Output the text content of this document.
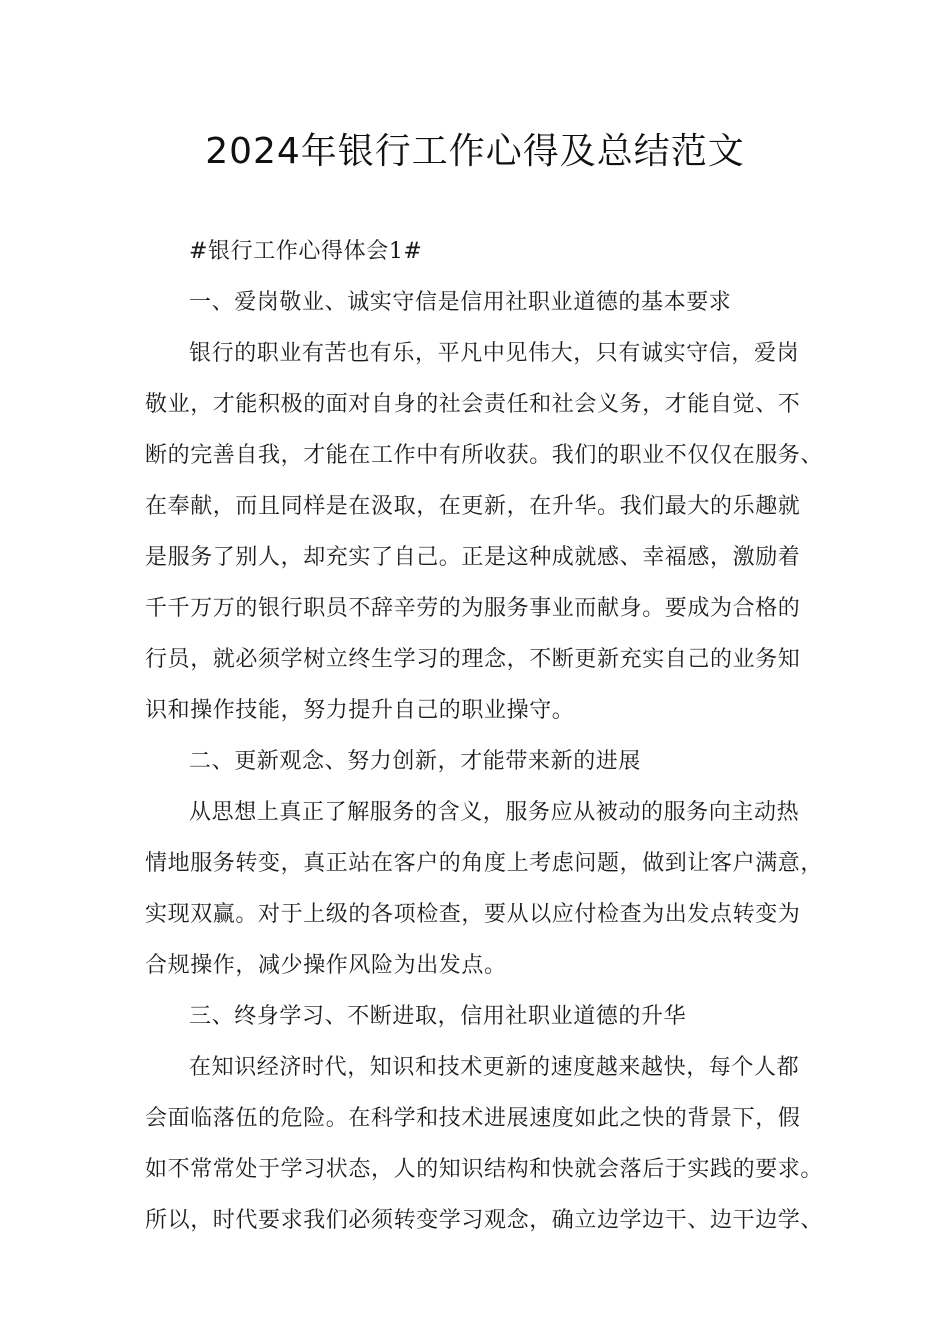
2024年银行工作心得及总结范文
#银行工作心得体会1#
一、爱岗敬业、诚实守信是信用社职业道德的基本要求
银行的职业有苦也有乐，平凡中见伟大，只有诚实守信，爱岗
敬业，才能积极的面对自身的社会责任和社会义务，才能自觉、不
断的完善自我，才能在工作中有所收获。我们的职业不仅仅在服务、
在奉献，而且同样是在汲取，在更新，在升华。我们最大的乐趣就
是服务了别人，却充实了自己。正是这种成就感、幸福感，激励着
千千万万的银行职员不辞辛劳的为服务事业而献身。要成为合格的
行员，就必须学树立终生学习的理念，不断更新充实自己的业务知
识和操作技能，努力提升自己的职业操守。
二、更新观念、努力创新，才能带来新的进展
从思想上真正了解服务的含义，服务应从被动的服务向主动热
情地服务转变，真正站在客户的角度上考虑问题，做到让客户满意，
实现双赢。对于上级的各项检查，要从以应付检查为出发点转变为
合规操作，减少操作风险为出发点。
三、终身学习、不断进取，信用社职业道德的升华
在知识经济时代，知识和技术更新的速度越来越快，每个人都
会面临落伍的危险。在科学和技术进展速度如此之快的背景下，假
如不常常处于学习状态，人的知识结构和快就会落后于实践的要求。
所以，时代要求我们必须转变学习观念，确立边学边干、边干边学、
